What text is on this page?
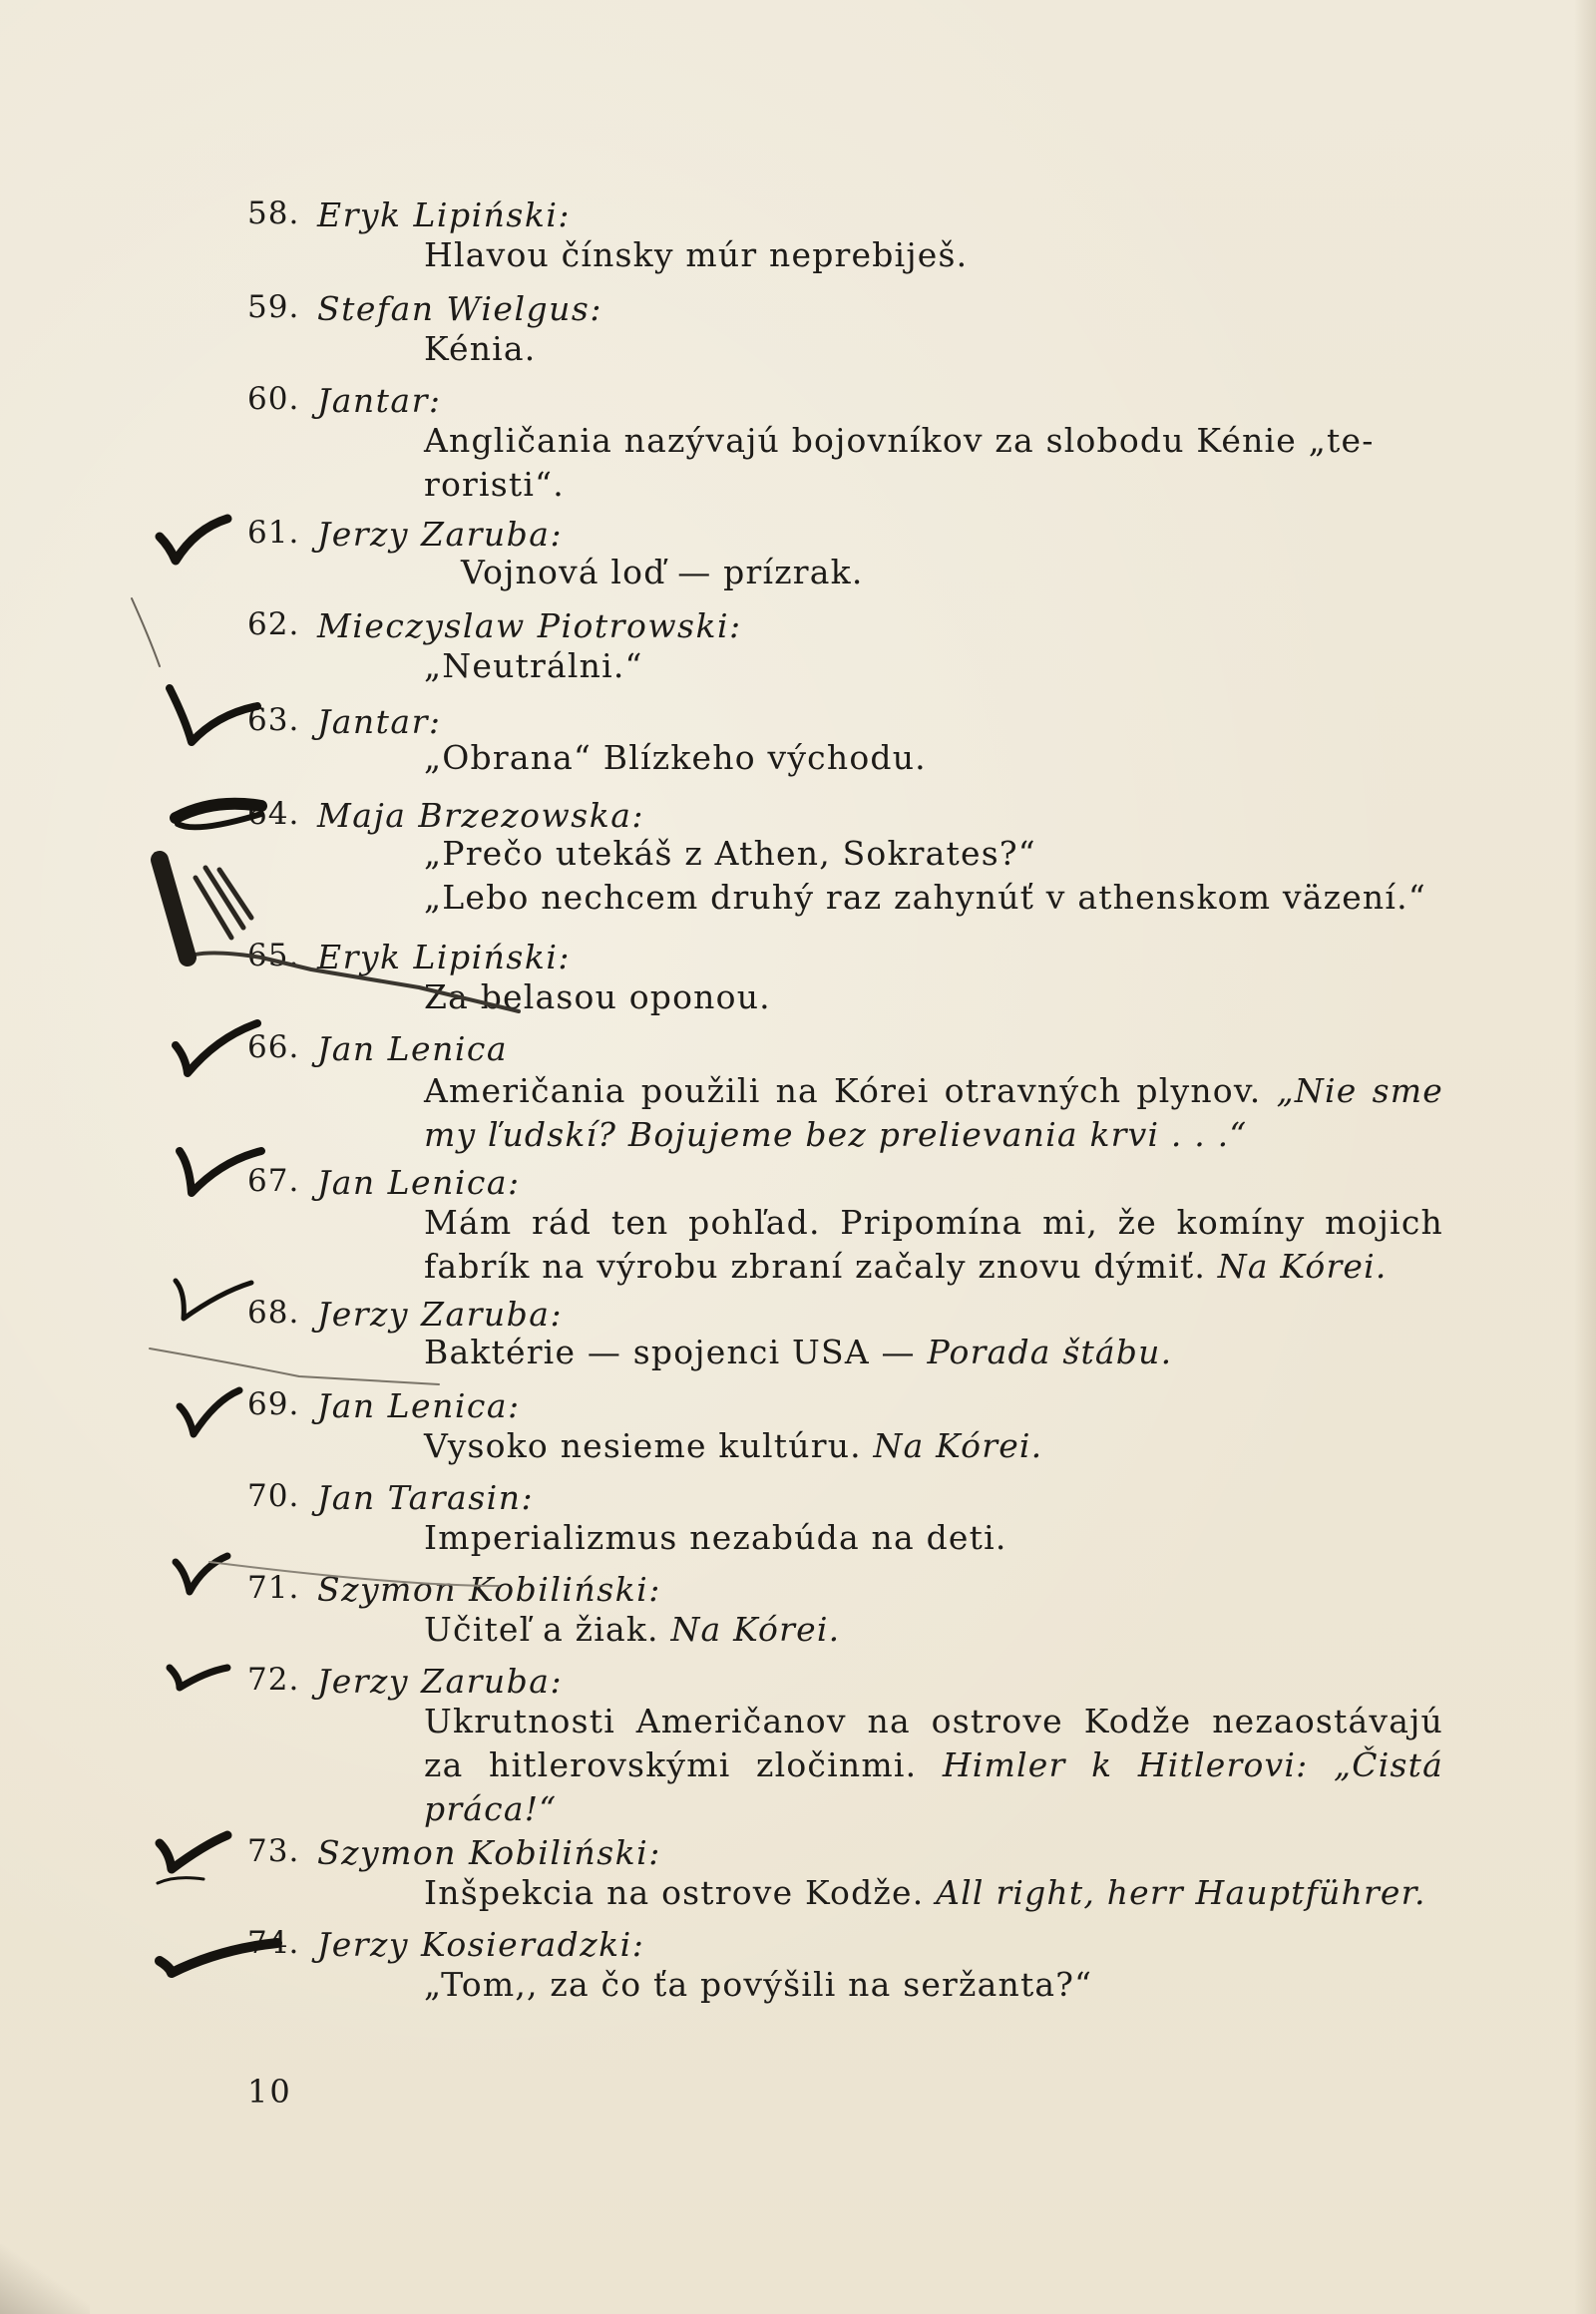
58. Eryk Lipiński:
Hlavou čínsky múr neprebiješ.
59. Stefan Wielgus:
Kénia.
60. Jantar:
Angličania nazývajú bojovníkov za slobodu Kénie „te-
roristi“.
61. Jerzy Zaruba:
Vojnová loď — prízrak.
62. Mieczyslaw Piotrowski:
„Neutrálni.“
63. Jantar:
„Obrana“ Blízkeho východu.
64. Maja Brzezowska:
„Prečo utekáš z Athen, Sokrates?“
„Lebo nechcem druhý raz zahynúť v athenskom väzení.“
65. Eryk Lipiński:
Za belasou oponou.
66. Jan Lenica
Američania použili na Kórei otravných plynov. „Nie sme my ľudskí? Bojujeme bez prelievania krvi . . .“
67. Jan Lenica:
Mám rád ten pohľad. Pripomína mi, že komíny mojich fabrík na výrobu zbraní začaly znovu dýmiť. Na Kórei.
68. Jerzy Zaruba:
Baktérie — spojenci USA — Porada štábu.
69. Jan Lenica:
Vysoko nesieme kultúru. Na Kórei.
70. Jan Tarasin:
Imperializmus nezabúda na deti.
71. Szymon Kobiliński:
Učiteľ a žiak. Na Kórei.
72. Jerzy Zaruba:
Ukrutnosti Američanov na ostrove Kodže nezaostávajú za hitlerovskými zločinmi. Himler k Hitlerovi: „Čistá práca!“
73. Szymon Kobiliński:
Inšpekcia na ostrove Kodže. All right, herr Hauptführer.
74. Jerzy Kosieradzki:
„Tom,, za čo ťa povýšili na seržanta?“
10
